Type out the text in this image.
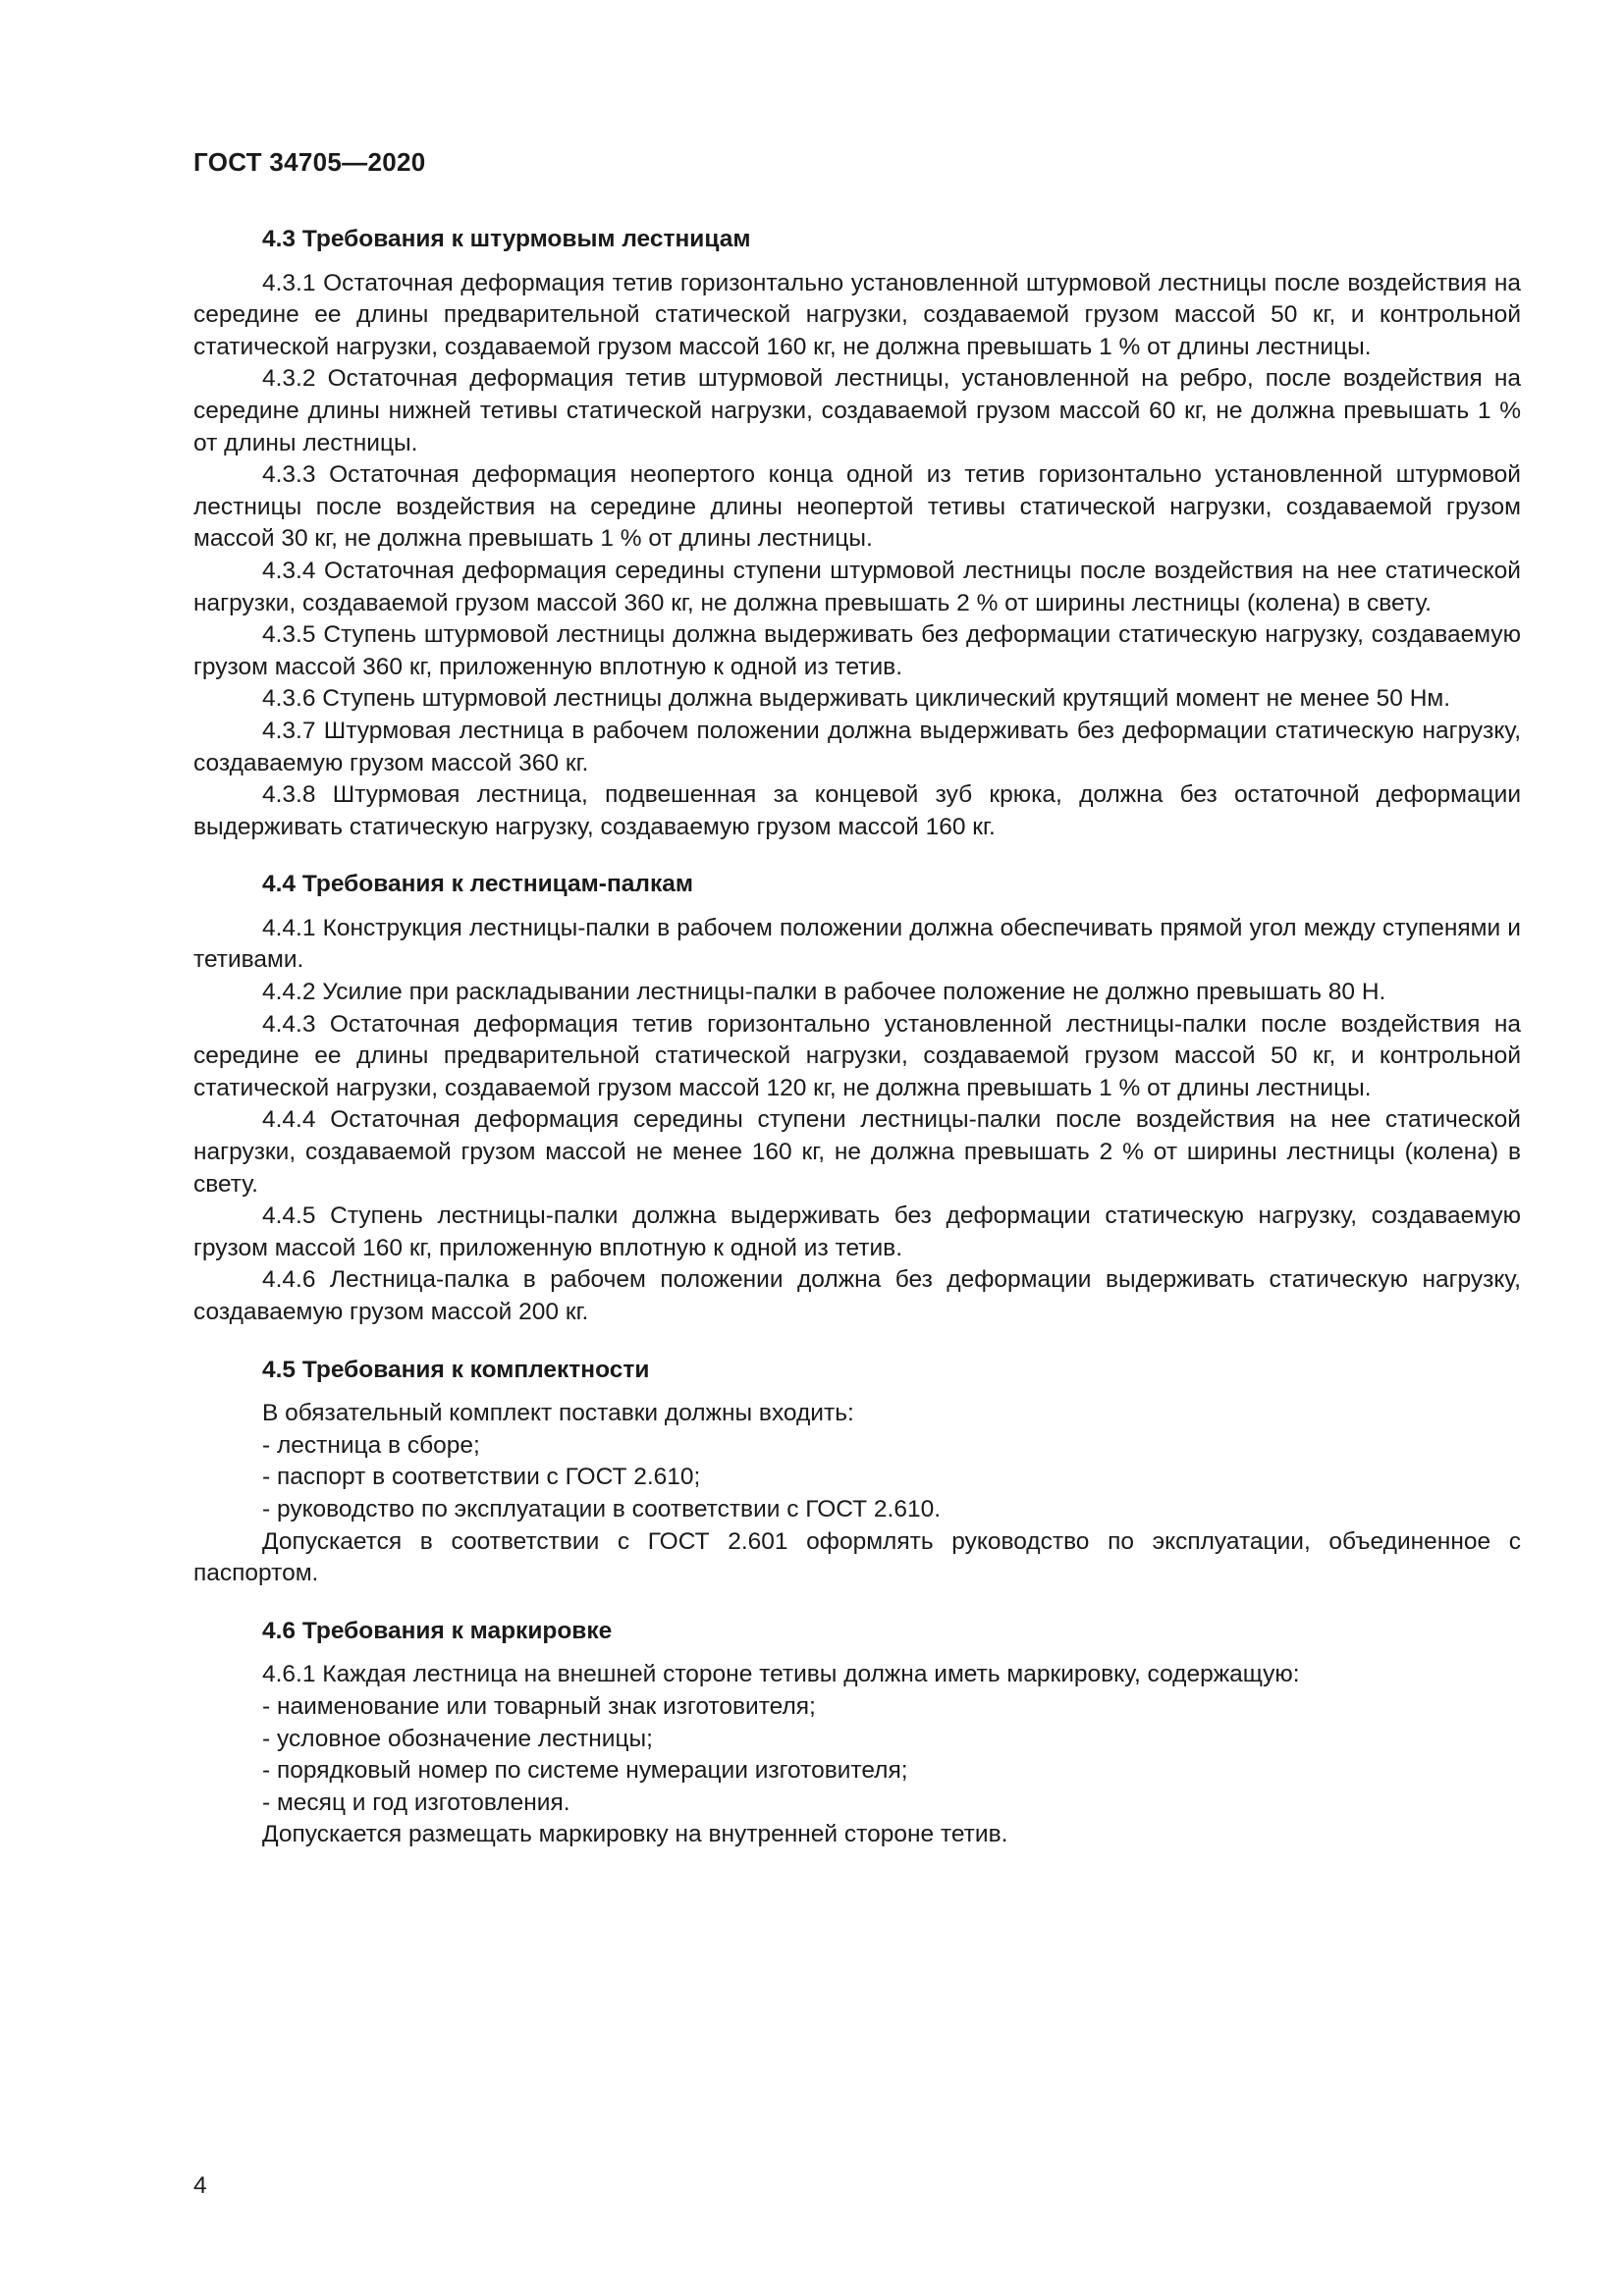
ГОСТ 34705—2020
4.3 Требования к штурмовым лестницам

4.3.1 Остаточная деформация тетив горизонтально установленной штурмовой лестницы после воздействия на середине ее длины предварительной статической нагрузки, создаваемой грузом массой 50 кг, и контрольной статической нагрузки, создаваемой грузом массой 160 кг, не должна превышать 1 % от длины лестницы.

4.3.2 Остаточная деформация тетив штурмовой лестницы, установленной на ребро, после воздействия на середине длины нижней тетивы статической нагрузки, создаваемой грузом массой 60 кг, не должна превышать 1 % от длины лестницы.

4.3.3 Остаточная деформация неопертого конца одной из тетив горизонтально установленной штурмовой лестницы после воздействия на середине длины неопертой тетивы статической нагрузки, создаваемой грузом массой 30 кг, не должна превышать 1 % от длины лестницы.

4.3.4 Остаточная деформация середины ступени штурмовой лестницы после воздействия на нее статической нагрузки, создаваемой грузом массой 360 кг, не должна превышать 2 % от ширины лестницы (колена) в свету.

4.3.5 Ступень штурмовой лестницы должна выдерживать без деформации статическую нагрузку, создаваемую грузом массой 360 кг, приложенную вплотную к одной из тетив.

4.3.6 Ступень штурмовой лестницы должна выдерживать циклический крутящий момент не менее 50 Нм.

4.3.7 Штурмовая лестница в рабочем положении должна выдерживать без деформации статическую нагрузку, создаваемую грузом массой 360 кг.

4.3.8 Штурмовая лестница, подвешенная за концевой зуб крюка, должна без остаточной деформации выдерживать статическую нагрузку, создаваемую грузом массой 160 кг.

4.4 Требования к лестницам-палкам

4.4.1 Конструкция лестницы-палки в рабочем положении должна обеспечивать прямой угол между ступенями и тетивами.

4.4.2 Усилие при раскладывании лестницы-палки в рабочее положение не должно превышать 80 Н.

4.4.3 Остаточная деформация тетив горизонтально установленной лестницы-палки после воздействия на середине ее длины предварительной статической нагрузки, создаваемой грузом массой 50 кг, и контрольной статической нагрузки, создаваемой грузом массой 120 кг, не должна превышать 1 % от длины лестницы.

4.4.4 Остаточная деформация середины ступени лестницы-палки после воздействия на нее статической нагрузки, создаваемой грузом массой не менее 160 кг, не должна превышать 2 % от ширины лестницы (колена) в свету.

4.4.5 Ступень лестницы-палки должна выдерживать без деформации статическую нагрузку, создаваемую грузом массой 160 кг, приложенную вплотную к одной из тетив.

4.4.6 Лестница-палка в рабочем положении должна без деформации выдерживать статическую нагрузку, создаваемую грузом массой 200 кг.

4.5 Требования к комплектности

В обязательный комплект поставки должны входить:

- лестница в сборе;

- паспорт в соответствии с ГОСТ 2.610;

- руководство по эксплуатации в соответствии с ГОСТ 2.610.

Допускается в соответствии с ГОСТ 2.601 оформлять руководство по эксплуатации, объединенное с паспортом.

4.6 Требования к маркировке

4.6.1 Каждая лестница на внешней стороне тетивы должна иметь маркировку, содержащую:

- наименование или товарный знак изготовителя;

- условное обозначение лестницы;

- порядковый номер по системе нумерации изготовителя;

- месяц и год изготовления.

Допускается размещать маркировку на внутренней стороне тетив.

4
